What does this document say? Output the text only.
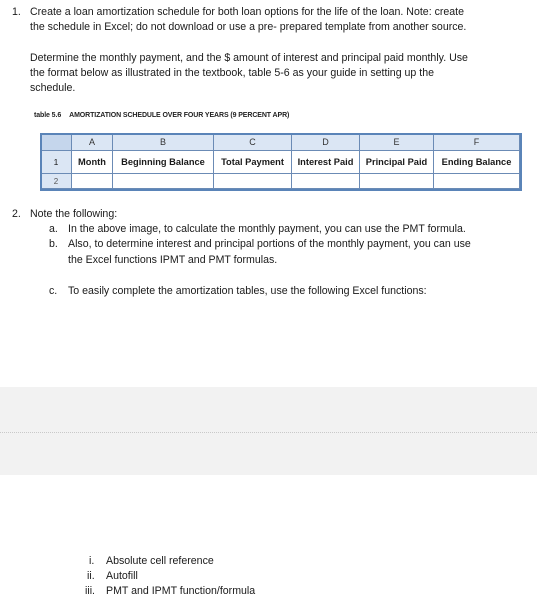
1. Create a loan amortization schedule for both loan options for the life of the loan. Note: create
the schedule in Excel; do not download or use a pre- prepared template from another source.
Determine the monthly payment, and the $ amount of interest and principal paid monthly. Use
the format below as illustrated in the textbook, table 5-6 as your guide in setting up the
schedule.
table 5.6 AMORTIZATION SCHEDULE OVER FOUR YEARS (9 PERCENT APR)
	A	B	C	D	E	F
1	Month	Beginning Balance	Total Payment	Interest Paid	Principal Paid	Ending Balance
2						
2. Note the following:
a. In the above image, to calculate the monthly payment, you can use the PMT formula.
b. Also, to determine interest and principal portions of the monthly payment, you can use
the Excel functions IPMT and PMT formulas.
c. To easily complete the amortization tables, use the following Excel functions:
i. Absolute cell reference
ii. Autofill
iii. PMT and IPMT function/formula
